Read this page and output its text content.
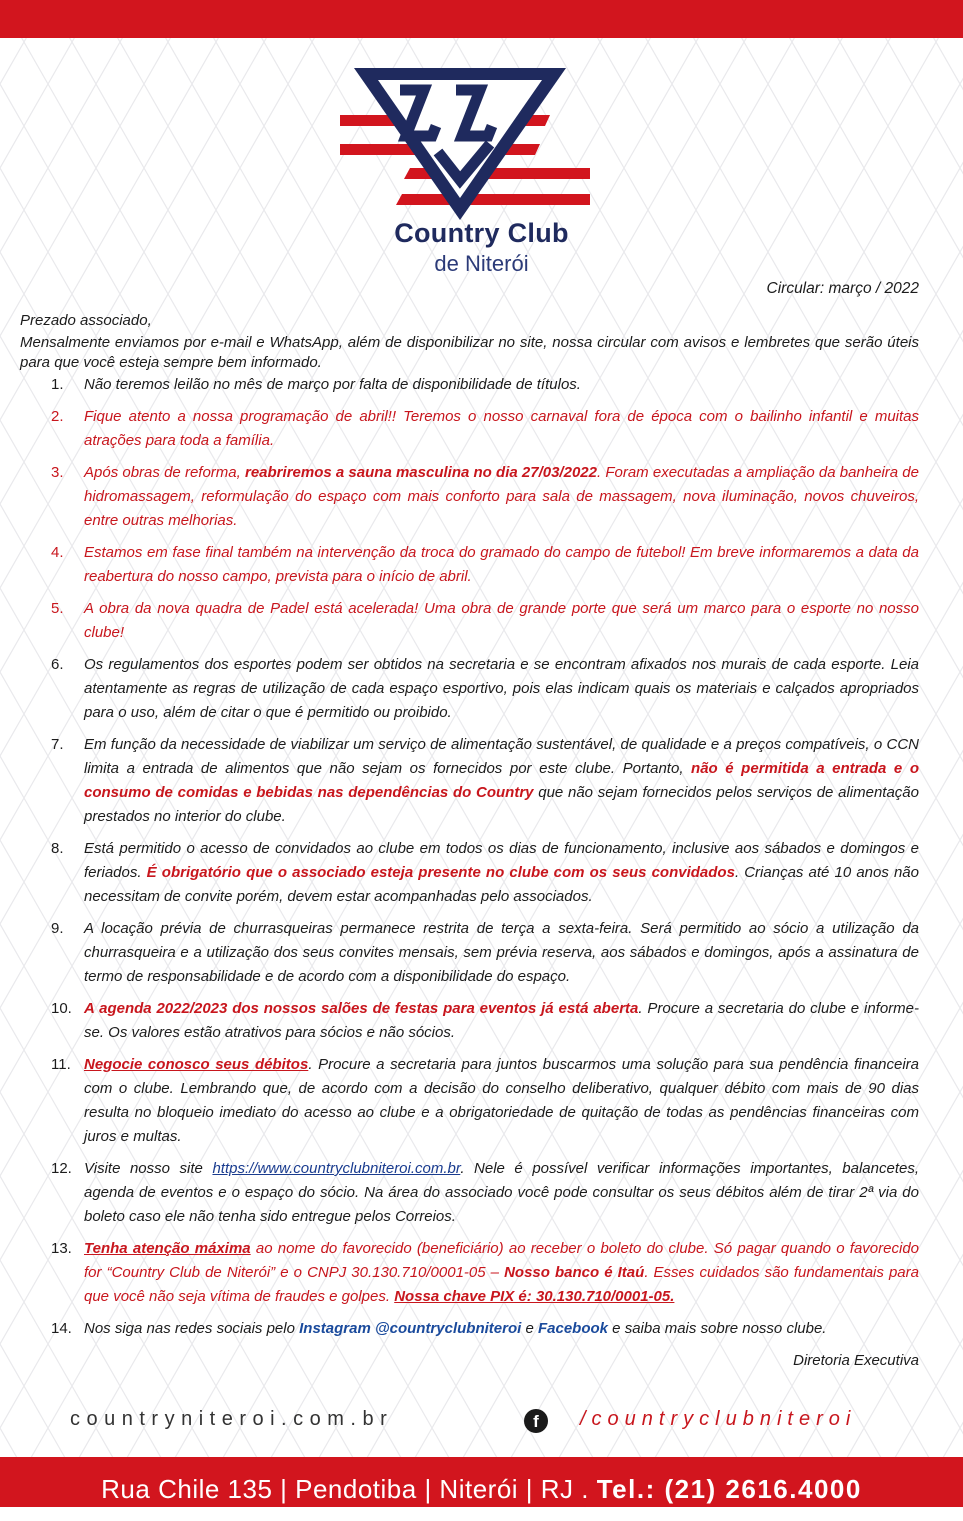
Country Club
de Niterói
Circular: março / 2022

Prezado associado,

Mensalmente enviamos por e-mail e WhatsApp, além de disponibilizar no site, nossa circular com avisos e lembretes que serão úteis para que você esteja sempre bem informado.

1. Não teremos leilão no mês de março por falta de disponibilidade de títulos.
2. Fique atento a nossa programação de abril!! Teremos o nosso carnaval fora de época com o bailinho infantil e muitas atrações para toda a família.
3. Após obras de reforma, reabriremos a sauna masculina no dia 27/03/2022. Foram executadas a ampliação da banheira de hidromassagem, reformulação do espaço com mais conforto para sala de massagem, nova iluminação, novos chuveiros, entre outras melhorias.
4. Estamos em fase final também na intervenção da troca do gramado do campo de futebol! Em breve informaremos a data da reabertura do nosso campo, prevista para o início de abril.
5. A obra da nova quadra de Padel está acelerada! Uma obra de grande porte que será um marco para o esporte no nosso clube!
6. Os regulamentos dos esportes podem ser obtidos na secretaria e se encontram afixados nos murais de cada esporte. Leia atentamente as regras de utilização de cada espaço esportivo, pois elas indicam quais os materiais e calçados apropriados para o uso, além de citar o que é permitido ou proibido.
7. Em função da necessidade de viabilizar um serviço de alimentação sustentável, de qualidade e a preços compatíveis, o CCN limita a entrada de alimentos que não sejam os fornecidos por este clube. Portanto, não é permitida a entrada e o consumo de comidas e bebidas nas dependências do Country que não sejam fornecidos pelos serviços de alimentação prestados no interior do clube.
8. Está permitido o acesso de convidados ao clube em todos os dias de funcionamento, inclusive aos sábados e domingos e feriados. É obrigatório que o associado esteja presente no clube com os seus convidados. Crianças até 10 anos não necessitam de convite porém, devem estar acompanhadas pelo associados.
9. A locação prévia de churrasqueiras permanece restrita de terça a sexta-feira. Será permitido ao sócio a utilização da churrasqueira e a utilização dos seus convites mensais, sem prévia reserva, aos sábados e domingos, após a assinatura de termo de responsabilidade e de acordo com a disponibilidade do espaço.
10. A agenda 2022/2023 dos nossos salões de festas para eventos já está aberta. Procure a secretaria do clube e informe-se. Os valores estão atrativos para sócios e não sócios.
11. Negocie conosco seus débitos. Procure a secretaria para juntos buscarmos uma solução para sua pendência financeira com o clube. Lembrando que, de acordo com a decisão do conselho deliberativo, qualquer débito com mais de 90 dias resulta no bloqueio imediato do acesso ao clube e a obrigatoriedade de quitação de todas as pendências financeiras com juros e multas.
12. Visite nosso site https://www.countryclubniteroi.com.br. Nele é possível verificar informações importantes, balancetes, agenda de eventos e o espaço do sócio. Na área do associado você pode consultar os seus débitos além de tirar 2ª via do boleto caso ele não tenha sido entregue pelos Correios.
13. Tenha atenção máxima ao nome do favorecido (beneficiário) ao receber o boleto do clube. Só pagar quando o favorecido for “Country Club de Niterói” e o CNPJ 30.130.710/0001-05 – Nosso banco é Itaú. Esses cuidados são fundamentais para que você não seja vítima de fraudes e golpes. Nossa chave PIX é: 30.130.710/0001-05.
14. Nos siga nas redes sociais pelo Instagram @countryclubniteroi e Facebook e saiba mais sobre nosso clube.

Diretoria Executiva

countryniteroi.com.br	f	/countryclubniteroi
Rua Chile 135 | Pendotiba | Niterói | RJ . Tel.: (21) 2616.4000
